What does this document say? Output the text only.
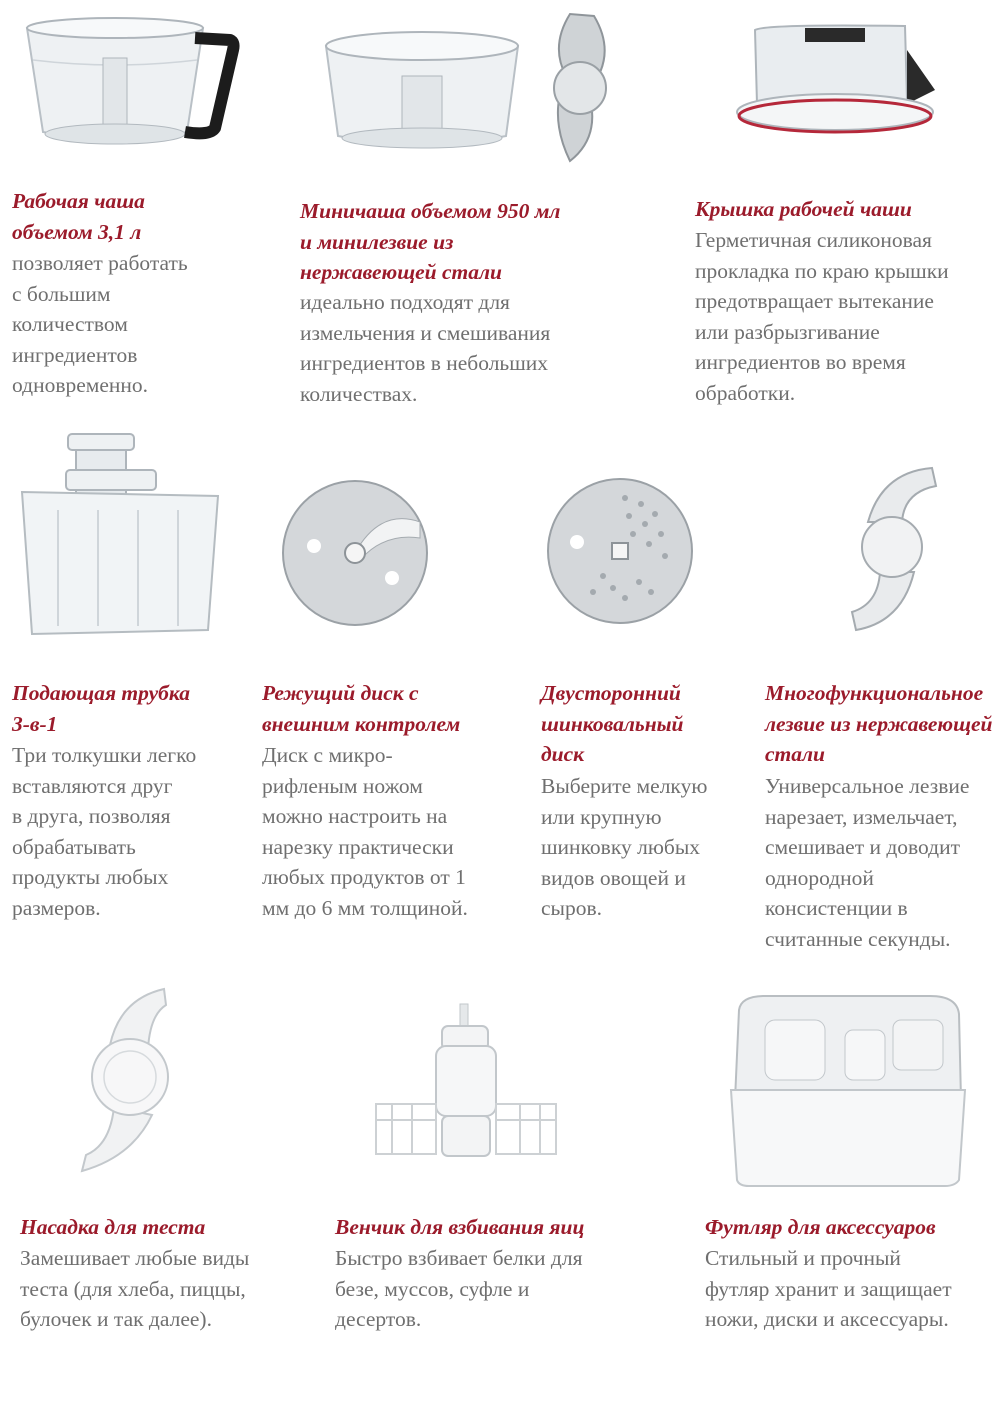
Рабочая чаша
объемом 3,1 л
позволяет работать
с большим
количеством
ингредиентов
одновременно.
Миничаша объемом 950 мл
и минилезвие из
нержавеющей стали
идеально подходят для
измельчения и смешивания
ингредиентов в небольших
количествах.
Крышка рабочей чаши
Герметичная силиконовая
прокладка по краю крышки
предотвращает вытекание
или разбрызгивание
ингредиентов во время
обработки.
Подающая трубка
3-в-1
Три толкушки легко
вставляются друг
в друга, позволяя
обрабатывать
продукты любых
размеров.
Режущий диск с
внешним контролем
Диск с микро-
рифленым ножом
можно настроить на
нарезку практически
любых продуктов от 1
мм до 6 мм толщиной.
Двусторонний
шинковальный
диск
Выберите мелкую
или крупную
шинковку любых
видов овощей и
сыров.
Многофункциональное
лезвие из нержавеющей
стали
Универсальное лезвие
нарезает, измельчает,
смешивает и доводит
однородной
консистенции в
считанные секунды.
Насадка для теста
Замешивает любые виды
теста (для хлеба, пиццы,
булочек и так далее).
Венчик для взбивания яиц
Быстро взбивает белки для
безе, муссов, суфле и
десертов.
Футляр для аксессуаров
Стильный и прочный
футляр хранит и защищает
ножи, диски и аксессуары.
